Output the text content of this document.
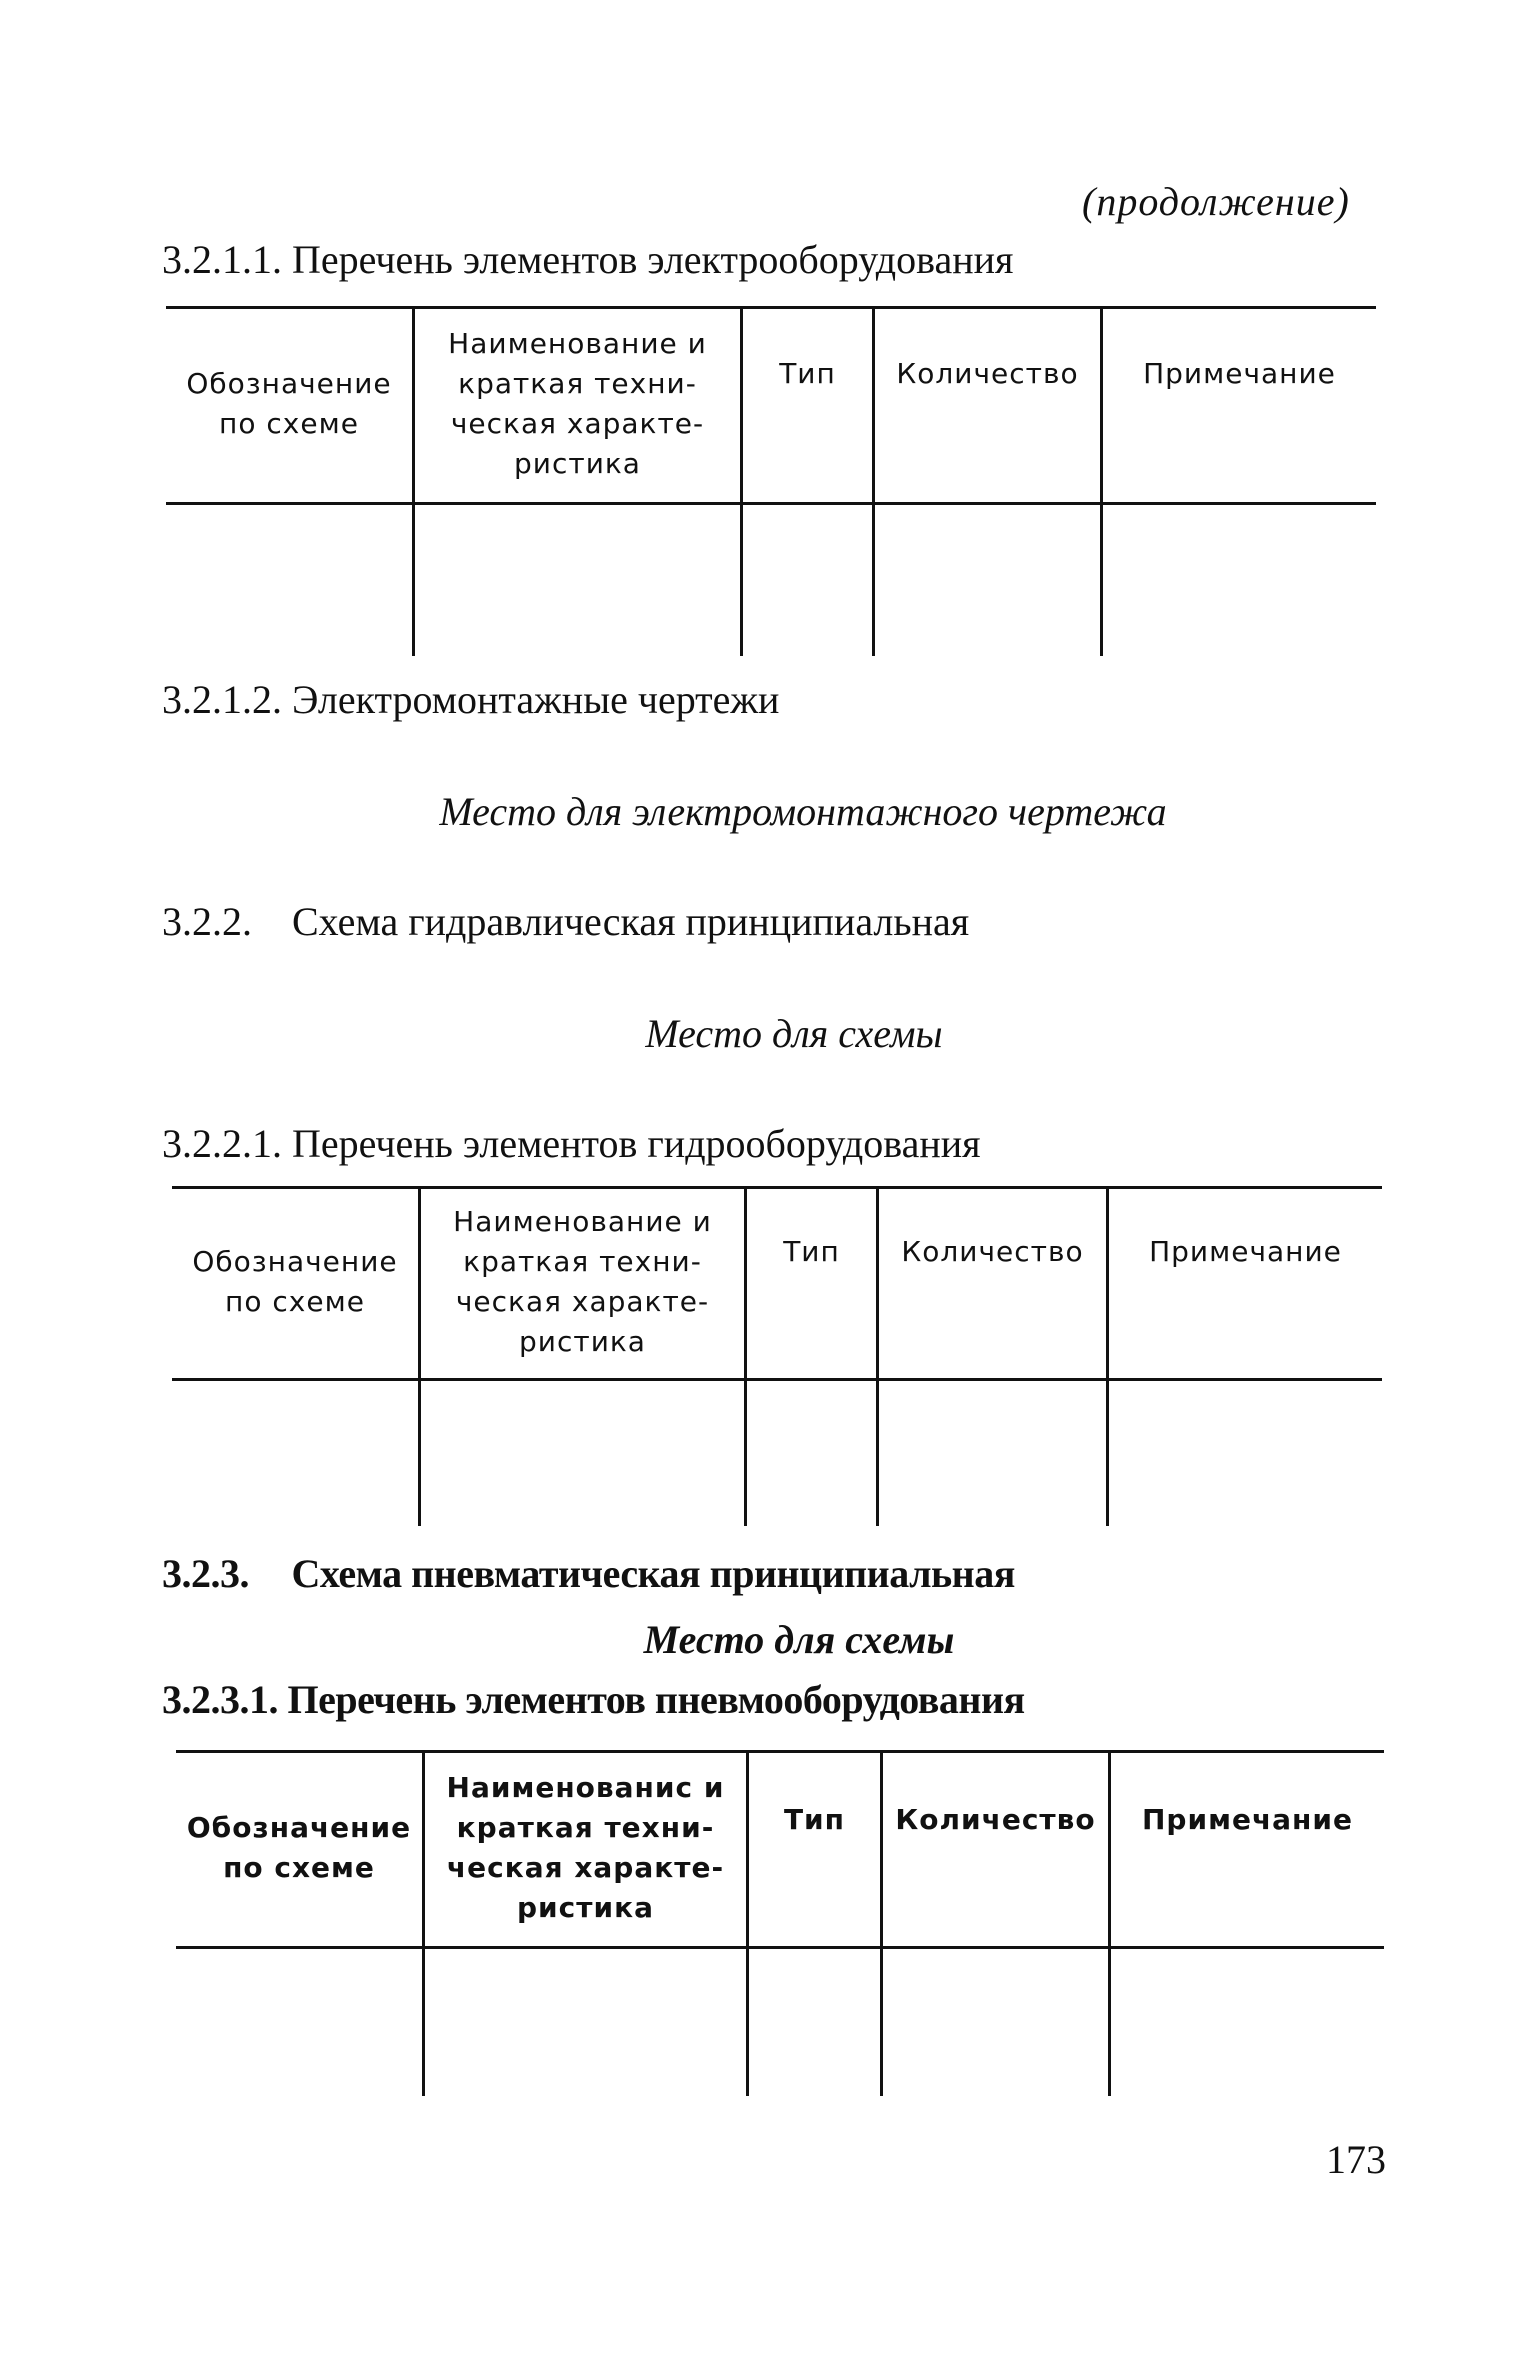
(продолжение)
3.2.1.1. Перечень элементов электрооборудования
Обозначение
по схеме
Наименование и
краткая техни-
ческая характе-
ристика
Тип Количество Примечание
3.2.1.2. Электромонтажные чертежи
Место для электромонтажного чертежа
3.2.2. Схема гидравлическая принципиальная
Место для схемы
3.2.2.1. Перечень элементов гидрооборудования
Обозначение
по схеме
Наименование и
краткая техни-
ческая характе-
ристика
Тип Количество Примечание
3.2.3. Схема пневматическая принципиальная
Место для схемы
3.2.3.1. Перечень элементов пневмооборудования
Обозначение
по схеме
Наименованис и
краткая техни-
ческая характе-
ристика
Тип Количество Примечание
173
